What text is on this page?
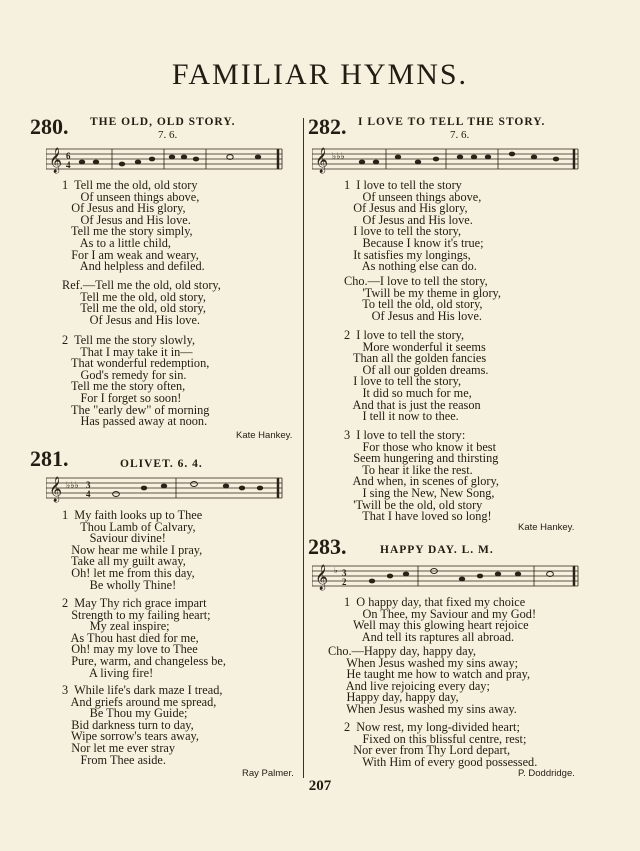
FAMILIAR HYMNS.
280. THE OLD, OLD STORY.
7. 6.
𝄞 6
4
1  Tell me the old, old story
Of unseen things above,
Of Jesus and His glory,
Of Jesus and His love.
Tell me the story simply,
As to a little child,
For I am weak and weary,
And helpless and defiled.
Ref.—Tell me the old, old story,
Tell me the old, old story,
Tell me the old, old story,
Of Jesus and His love.
2  Tell me the story slowly,
That I may take it in—
That wonderful redemption,
God's remedy for sin.
Tell me the story often,
For I forget so soon!
The "early dew" of morning
Has passed away at noon.
Kate Hankey.
281.	OLIVET. 6. 4.
𝄞 ♭♭♭ 3
4
1  My faith looks up to Thee
Thou Lamb of Calvary,
Saviour divine!
Now hear me while I pray,
Take all my guilt away,
Oh! let me from this day,
Be wholly Thine!
2  May Thy rich grace impart
Strength to my failing heart;
My zeal inspire;
As Thou hast died for me,
Oh! may my love to Thee
Pure, warm, and changeless be,
A living fire!
3  While life's dark maze I tread,
And griefs around me spread,
Be Thou my Guide;
Bid darkness turn to day,
Wipe sorrow's tears away,
Nor let me ever stray
From Thee aside.
Ray Palmer.
282. I LOVE TO TELL THE STORY.
7. 6.
𝄞 ♭♭♭
1  I love to tell the story
Of unseen things above,
Of Jesus and His glory,
Of Jesus and His love.
I love to tell the story,
Because I know it's true;
It satisfies my longings,
As nothing else can do.
Cho.—I love to tell the story,
'Twill be my theme in glory,
To tell the old, old story,
Of Jesus and His love.
2  I love to tell the story,
More wonderful it seems
Than all the golden fancies
Of all our golden dreams.
I love to tell the story,
It did so much for me,
And that is just the reason
I tell it now to thee.
3  I love to tell the story:
For those who know it best
Seem hungering and thirsting
To hear it like the rest.
And when, in scenes of glory,
I sing the New, New Song,
'Twill be the old, old story
That I have loved so long!
Kate Hankey.
283.	HAPPY DAY. L. M.
𝄞 ♭ 3
2
1  O happy day, that fixed my choice
On Thee, my Saviour and my God!
Well may this glowing heart rejoice
And tell its raptures all abroad.
Cho.—Happy day, happy day,
When Jesus washed my sins away;
He taught me how to watch and pray,
And live rejoicing every day;
Happy day, happy day,
When Jesus washed my sins away.
2  Now rest, my long-divided heart;
Fixed on this blissful centre, rest;
Nor ever from Thy Lord depart,
With Him of every good possessed.
P. Doddridge.
207
